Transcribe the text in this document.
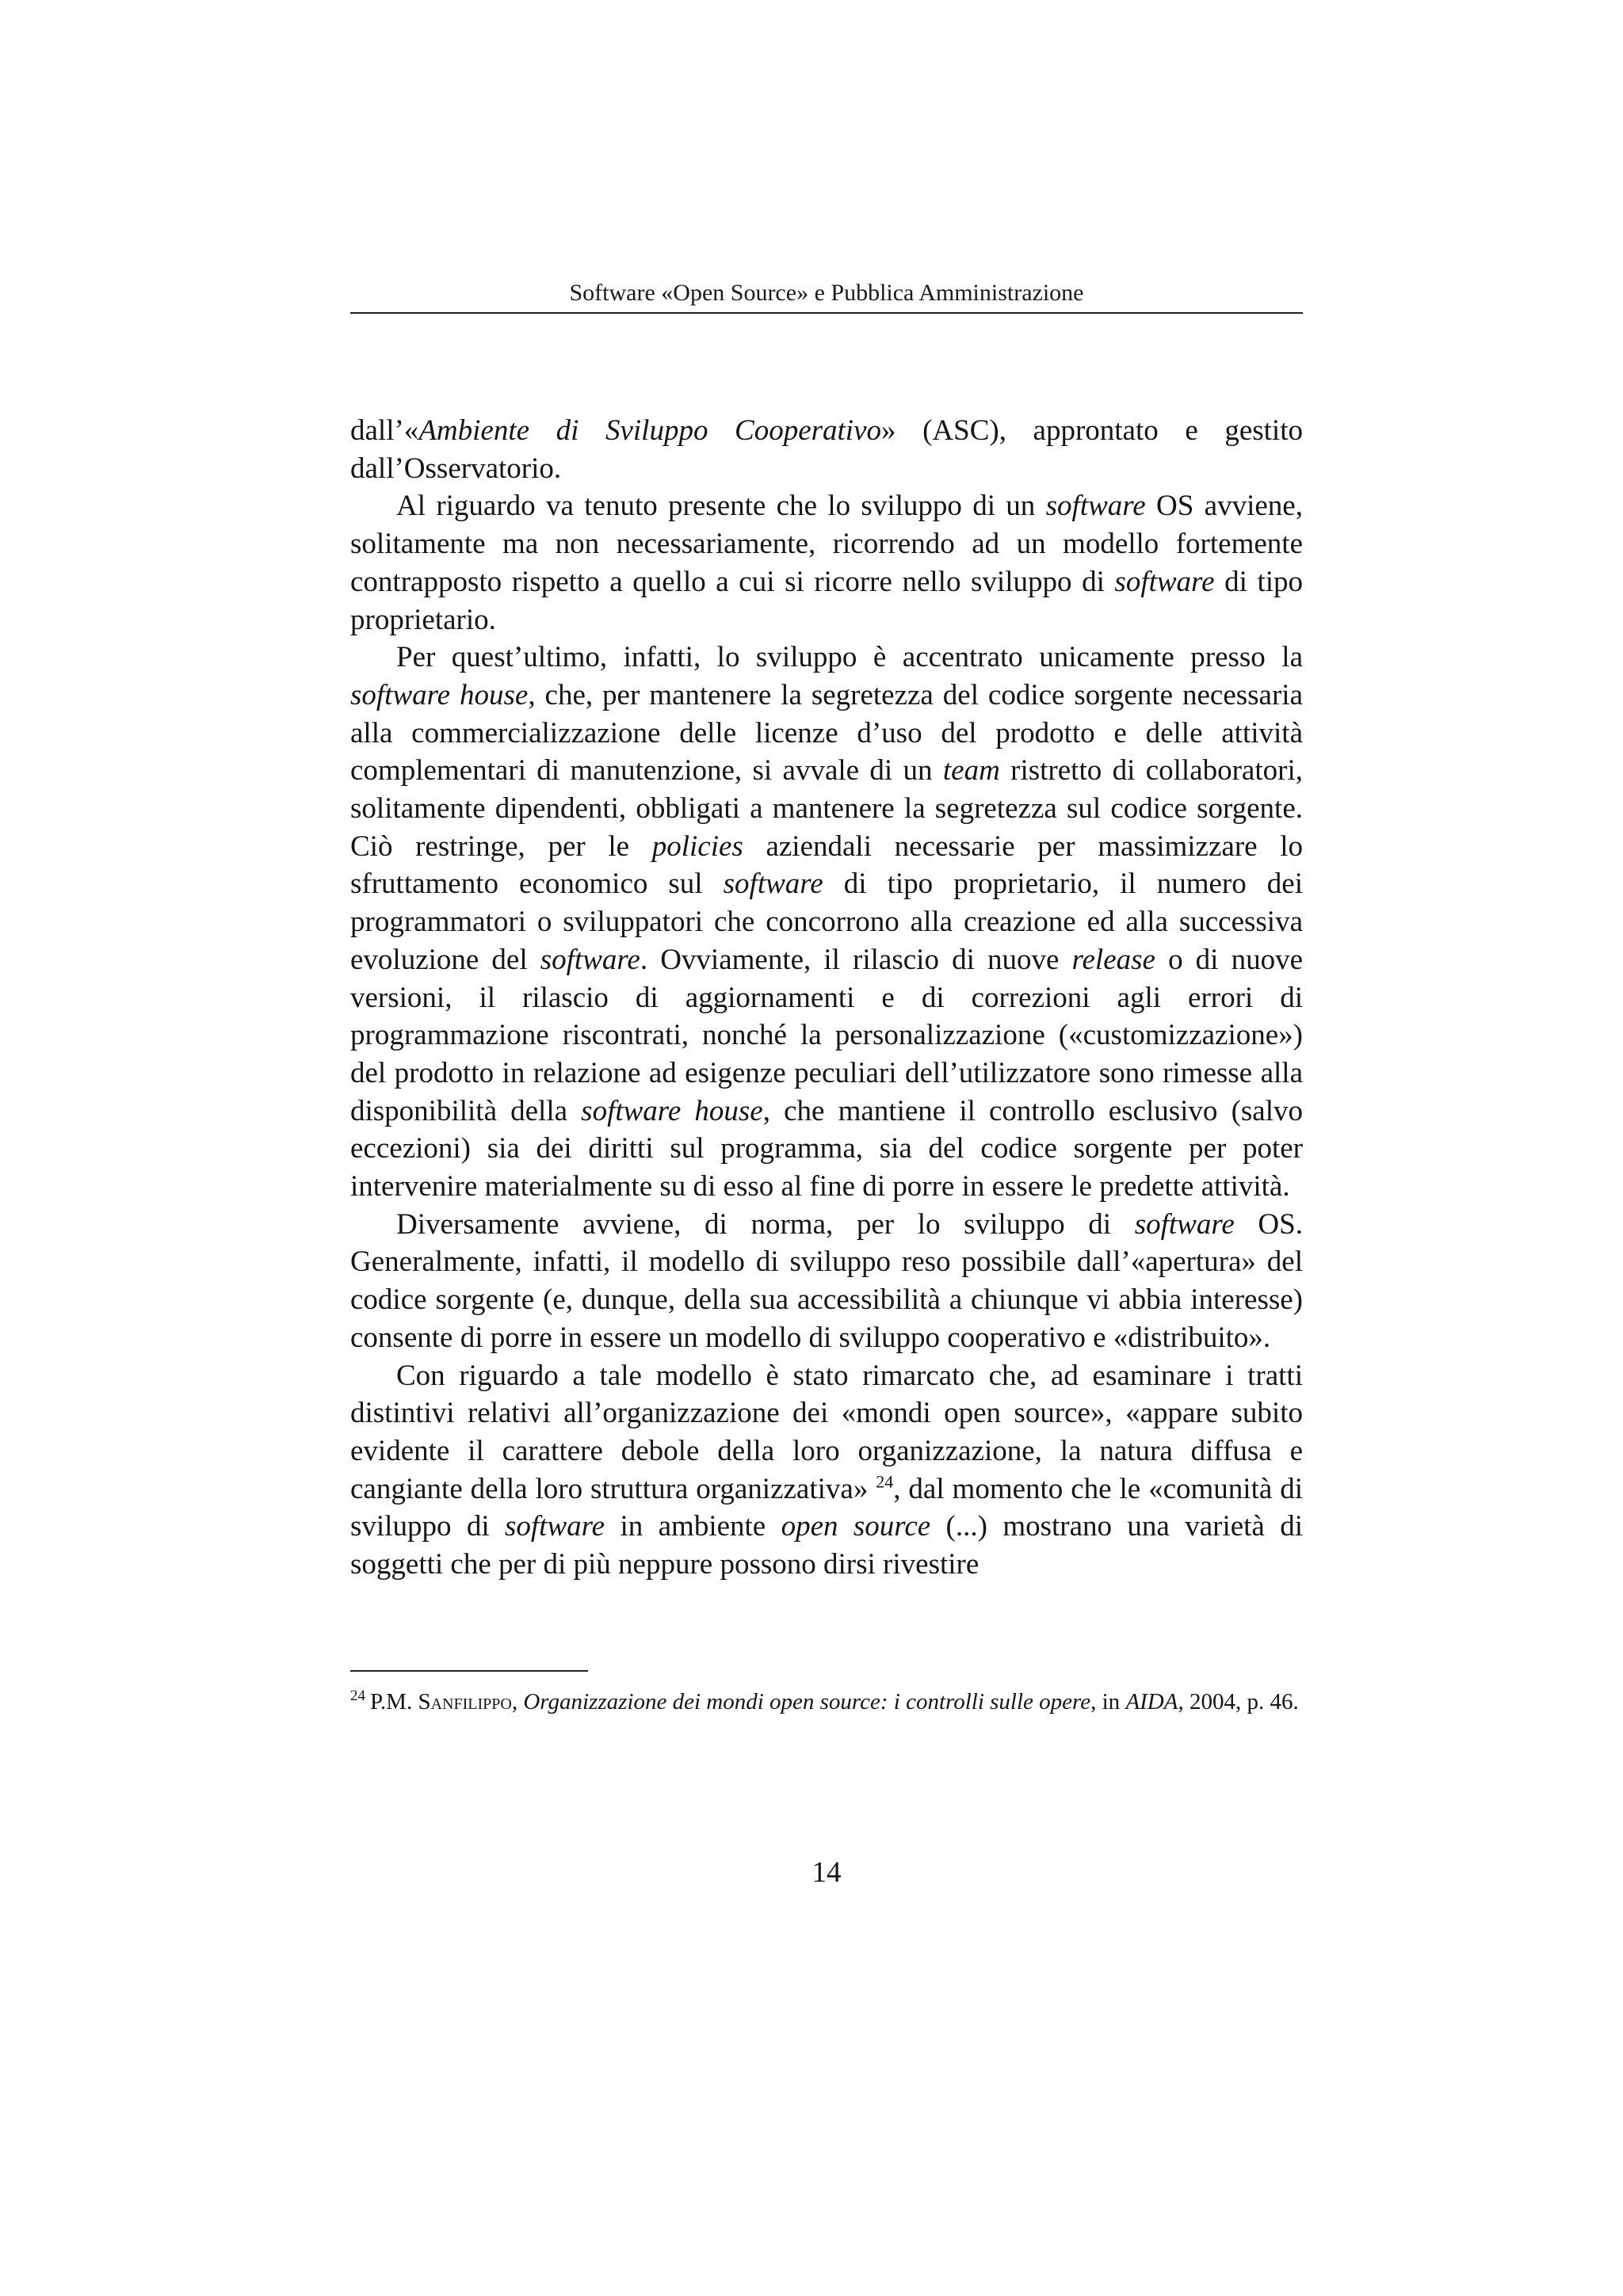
Software «Open Source» e Pubblica Amministrazione

dall’«Ambiente di Sviluppo Cooperativo» (ASC), approntato e gestito dall’Osservatorio.

Al riguardo va tenuto presente che lo sviluppo di un software OS avviene, solitamente ma non necessariamente, ricorrendo ad un modello fortemente contrapposto rispetto a quello a cui si ricorre nello sviluppo di software di tipo proprietario.

Per quest’ultimo, infatti, lo sviluppo è accentrato unicamente presso la software house, che, per mantenere la segretezza del codice sorgente necessaria alla commercializzazione delle licenze d’uso del prodotto e delle attività complementari di manutenzione, si avvale di un team ristretto di collaboratori, solitamente dipendenti, obbligati a mantenere la segretezza sul codice sorgente. Ciò restringe, per le policies aziendali necessarie per massimizzare lo sfruttamento economico sul software di tipo proprietario, il numero dei programmatori o sviluppatori che concorrono alla creazione ed alla successiva evoluzione del software. Ovviamente, il rilascio di nuove release o di nuove versioni, il rilascio di aggiornamenti e di correzioni agli errori di programmazione riscontrati, nonché la personalizzazione («customizzazione») del prodotto in relazione ad esigenze peculiari dell’utilizzatore sono rimesse alla disponibilità della software house, che mantiene il controllo esclusivo (salvo eccezioni) sia dei diritti sul programma, sia del codice sorgente per poter intervenire materialmente su di esso al fine di porre in essere le predette attività.

Diversamente avviene, di norma, per lo sviluppo di software OS. Generalmente, infatti, il modello di sviluppo reso possibile dall’«apertura» del codice sorgente (e, dunque, della sua accessibilità a chiunque vi abbia interesse) consente di porre in essere un modello di sviluppo cooperativo e «distribuito».

Con riguardo a tale modello è stato rimarcato che, ad esaminare i tratti distintivi relativi all’organizzazione dei «mondi open source», «appare subito evidente il carattere debole della loro organizzazione, la natura diffusa e cangiante della loro struttura organizzativa» $^{24}$, dal momento che le «comunità di sviluppo di software in ambiente open source (...) mostrano una varietà di soggetti che per di più neppure possono dirsi rivestire

$^{24}$ P.M. Sanfilippo, Organizzazione dei mondi open source: i controlli sulle opere, in AIDA, 2004, p. 46.
14
